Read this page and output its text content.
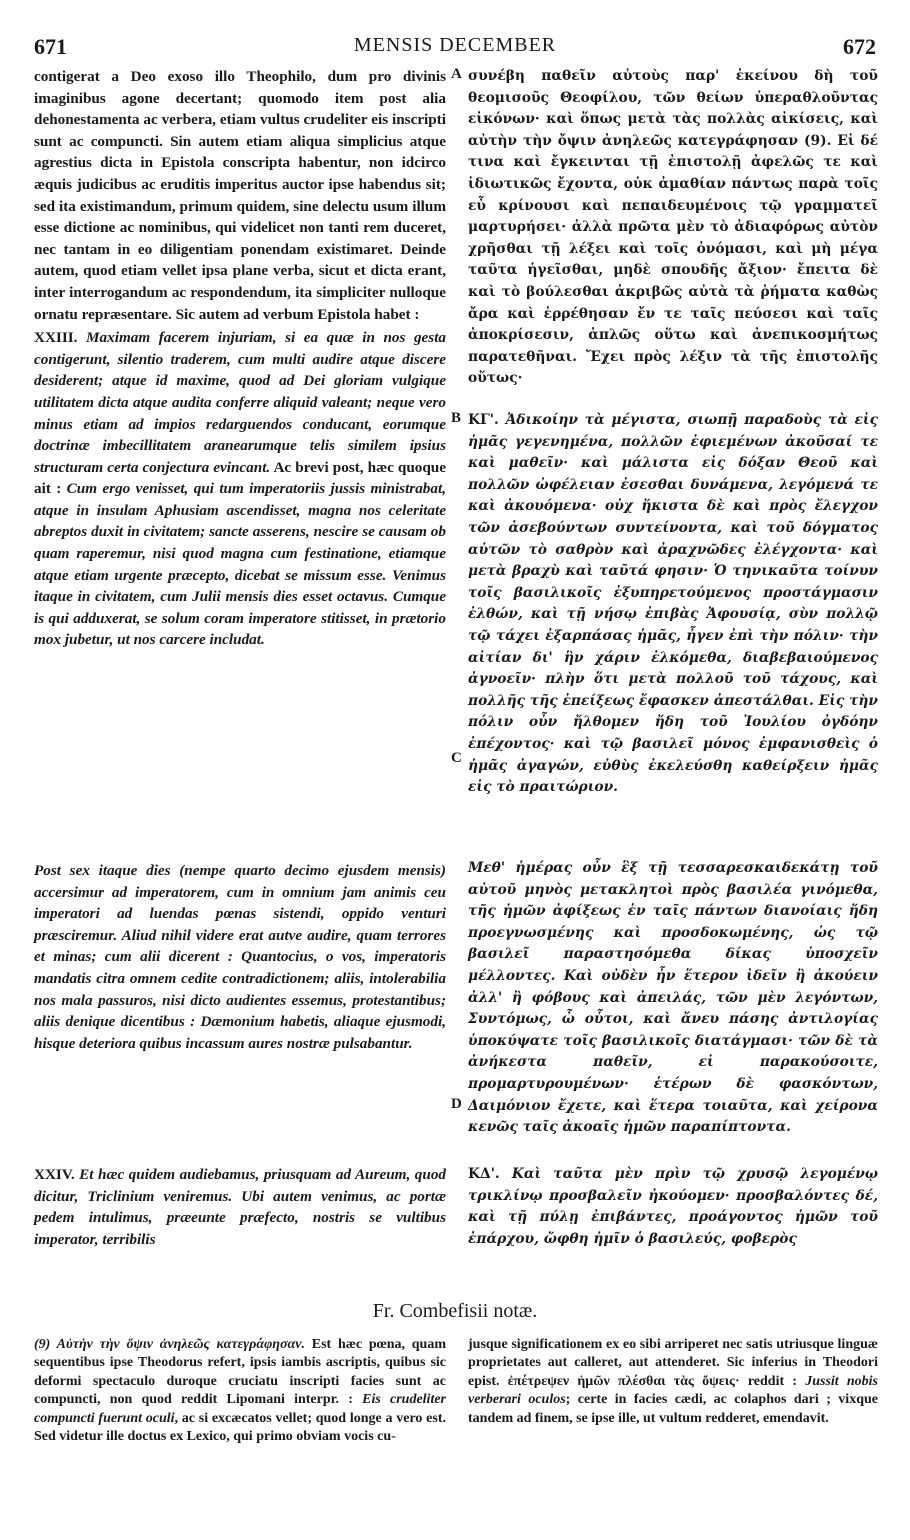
671	MENSIS DECEMBER	672
A
B
C
D

contigerat a Deo exoso illo Theophilo, dum pro divinis imaginibus agone decertant; quomodo item post alia dehonestamenta ac verbera, etiam vultus crudeliter eis inscripti sunt ac compuncti. Sin autem etiam aliqua simplicius atque agrestius dicta in Epistola conscripta habentur, non idcirco æquis judicibus ac eruditis imperitus auctor ipse habendus sit; sed ita existimandum, primum quidem, sine delectu usum illum esse dictione ac nominibus, qui videlicet non tanti rem duceret, nec tantam in eo diligentiam ponendam existimaret. Deinde autem, quod etiam vellet ipsa plane verba, sicut et dicta erant, inter interrogandum ac respondendum, ita simpliciter nulloque ornatu repræsentare. Sic autem ad verbum Epistola habet :

XXIII. Maximam facerem injuriam, si ea quæ in nos gesta contigerunt, silentio traderem, cum multi audire atque discere desiderent; atque id maxime, quod ad Dei gloriam vulgique utilitatem dicta atque audita conferre aliquid valeant; neque vero minus etiam ad impios redarguendos conducant, eorumque doctrinæ imbecillitatem aranearumque telis similem ipsius structuram certa conjectura evincant. Ac brevi post, hæc quoque ait : Cum ergo venisset, qui tum imperatoriis jussis ministrabat, atque in insulam Aphusiam ascendisset, magna nos celeritate abreptos duxit in civitatem; sancte asserens, nescire se causam ob quam raperemur, nisi quod magna cum festinatione, etiamque atque etiam urgente præcepto, dicebat se missum esse. Venimus itaque in civitatem, cum Julii mensis dies esset octavus. Cumque is qui adduxerat, se solum coram imperatore stitisset, in prætorio mox jubetur, ut nos carcere includat.

Post sex itaque dies (nempe quarto decimo ejusdem mensis) accersimur ad imperatorem, cum in omnium jam animis ceu imperatori ad luendas pœnas sistendi, oppido venturi præsciremur. Aliud nihil videre erat autve audire, quam terrores et minas; cum alii dicerent : Quantocius, o vos, imperatoris mandatis citra omnem cedite contradictionem; aliis, intolerabilia nos mala passuros, nisi dicto audientes essemus, protestantibus; aliis denique dicentibus : Dæmonium habetis, aliaque ejusmodi, hisque deteriora quibus incassum aures nostræ pulsabantur.
XXIV. Et hæc quidem audiebamus, priusquam ad Aureum, quod dicitur, Triclinium veniremus. Ubi autem venimus, ac portæ pedem intulimus, præeunte præfecto, nostris se vultibus imperator, terribilis

συνέβη παθεῖν αὐτοὺς παρ' ἐκείνου δὴ τοῦ θεομισοῦς Θεοφίλου, τῶν θείων ὑπεραθλοῦντας εἰκόνων· καὶ ὅπως μετὰ τὰς πολλὰς αἰκίσεις, καὶ αὐτὴν τὴν ὄψιν ἀνηλεῶς κατεγράφησαν (9). Εἰ δέ τινα καὶ ἔγκεινται τῇ ἐπιστολῇ ἀφελῶς τε καὶ ἰδιωτικῶς ἔχοντα, οὐκ ἀμαθίαν πάντως παρὰ τοῖς εὖ κρίνουσι καὶ πεπαιδευμένοις τῷ γραμματεῖ μαρτυρήσει· ἀλλὰ πρῶτα μὲν τὸ ἀδιαφόρως αὐτὸν χρῆσθαι τῇ λέξει καὶ τοῖς ὀνόμασι, καὶ μὴ μέγα ταῦτα ἡγεῖσθαι, μηδὲ σπουδῆς ἄξιον· ἔπειτα δὲ καὶ τὸ βούλεσθαι ἀκριβῶς αὐτὰ τὰ ῥήματα καθὼς ἄρα καὶ ἐρρέθησαν ἔν τε ταῖς πεύσεσι καὶ ταῖς ἀποκρίσεσιν, ἁπλῶς οὕτω καὶ ἀνεπικοσμήτως παρατεθῆναι. Ἔχει πρὸς λέξιν τὰ τῆς ἐπιστολῆς οὕτως·

ΚΓ'. Ἀδικοίην τὰ μέγιστα, σιωπῇ παραδοὺς τὰ εἰς ἡμᾶς γεγενημένα, πολλῶν ἐφιεμένων ἀκοῦσαί τε καὶ μαθεῖν· καὶ μάλιστα εἰς δόξαν Θεοῦ καὶ πολλῶν ὠφέλειαν ἐσεσθαι δυνάμενα, λεγόμενά τε καὶ ἀκουόμενα· οὐχ ἥκιστα δὲ καὶ πρὸς ἔλεγχον τῶν ἀσεβούντων συντείνοντα, καὶ τοῦ δόγματος αὐτῶν τὸ σαθρὸν καὶ ἀραχνῶδες ἐλέγχοντα· καὶ μετὰ βραχὺ καὶ ταῦτά φησιν· Ὁ τηνικαῦτα τοίνυν τοῖς βασιλικοῖς ἐξυπηρετούμενος προστάγμασιν ἐλθών, καὶ τῇ νήσῳ ἐπιβὰς Ἀφουσίᾳ, σὺν πολλῷ τῷ τάχει ἐξαρπάσας ἡμᾶς, ἦγεν ἐπὶ τὴν πόλιν· τὴν αἰτίαν δι' ἣν χάριν ἐλκόμεθα, διαβεβαιούμενος ἀγνοεῖν· πλὴν ὅτι μετὰ πολλοῦ τοῦ τάχους, καὶ πολλῆς τῆς ἐπείξεως ἔφασκεν ἀπεστάλθαι. Εἰς τὴν πόλιν οὖν ἤλθομεν ἤδη τοῦ Ἰουλίου ὀγδόην ἐπέχοντος· καὶ τῷ βασιλεῖ μόνος ἐμφανισθεὶς ὁ ἡμᾶς ἀγαγών, εὐθὺς ἐκελεύσθη καθείρξειν ἡμᾶς εἰς τὸ πραιτώριον.
Μεθ' ἡμέρας οὖν ἓξ τῇ τεσσαρεσκαιδεκάτῃ τοῦ αὐτοῦ μηνὸς μετακλητοὶ πρὸς βασιλέα γινόμεθα, τῆς ἡμῶν ἀφίξεως ἐν ταῖς πάντων διανοίαις ἤδη προεγνωσμένης καὶ προσδοκωμένης, ὡς τῷ βασιλεῖ παραστησόμεθα δίκας ὑποσχεῖν μέλλοντες. Καὶ οὐδὲν ἦν ἕτερον ἰδεῖν ἢ ἀκούειν ἀλλ' ἢ φόβους καὶ ἀπειλάς, τῶν μὲν λεγόντων, Συντόμως, ὦ οὗτοι, καὶ ἄνευ πάσης ἀντιλογίας ὑποκύψατε τοῖς βασιλικοῖς διατάγμασι· τῶν δὲ τὰ ἀνήκεστα παθεῖν, εἰ παρακούσοιτε, προμαρτυρουμένων· ἑτέρων δὲ φασκόντων, Δαιμόνιον ἔχετε, καὶ ἕτερα τοιαῦτα, καὶ χείρονα κενῶς ταῖς ἀκοαῖς ἡμῶν παραπίπτοντα.
ΚΔ'. Καὶ ταῦτα μὲν πρὶν τῷ χρυσῷ λεγομένῳ τρικλίνῳ προσβαλεῖν ἠκούομεν· προσβαλόντες δέ, καὶ τῇ πύλῃ ἐπιβάντες, προάγοντος ἡμῶν τοῦ ἐπάρχου, ὤφθη ἡμῖν ὁ βασιλεύς, φοβερὸς
Fr. Combefisii notæ.
(9) Αὐτὴν τὴν ὄψιν ἀνηλεῶς κατεγράφησαν. Est hæc pœna, quam sequentibus ipse Theodorus refert, ipsis iambis ascriptis, quibus sic deformi spectaculo duroque cruciatu inscripti facies sunt ac compuncti, non quod reddit Lipomani interpr. : Eis crudeliter compuncti fuerunt oculi, ac si excæcatos vellet; quod longe a vero est. Sed videtur ille doctus ex Lexico, qui primo obviam vocis cu-
jusque significationem ex eo sibi arriperet nec satis utriusque linguæ proprietates aut calleret, aut attenderet. Sic inferius in Theodori epist. ἐπέτρεψεν ἡμῶν πλέσθαι τὰς ὄψεις· reddit : Jussit nobis verberari oculos; certe in facies cædi, ac colaphos dari ; vixque tandem ad finem, se ipse ille, ut vultum redderet, emendavit.
